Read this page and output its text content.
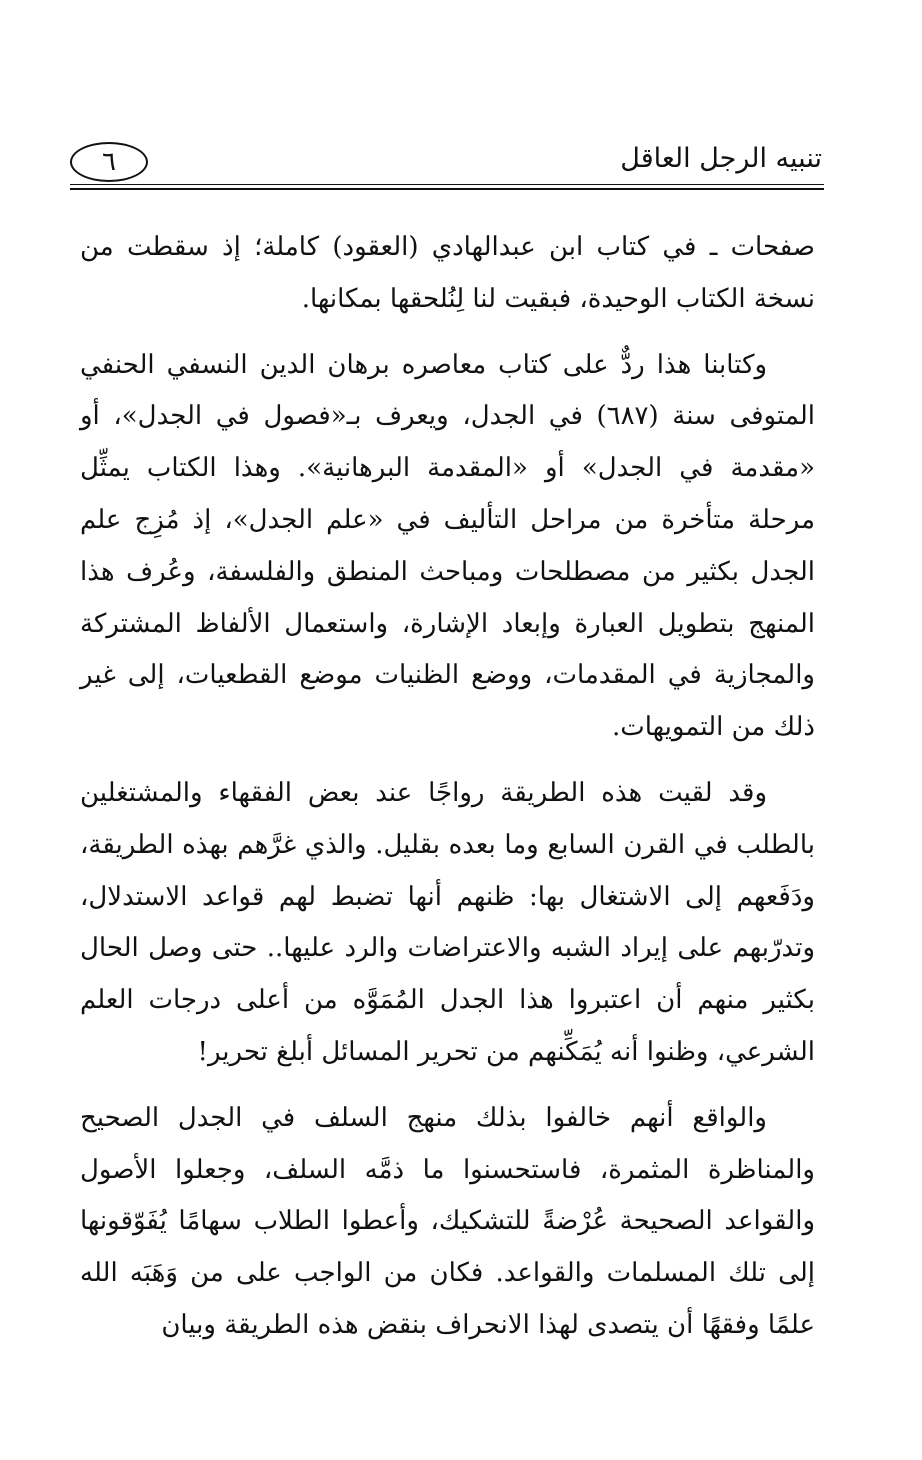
٦	تنبيه الرجل العاقل

صفحات ـ في كتاب ابن عبدالهادي (العقود) كاملة؛ إذ سقطت من نسخة الكتاب الوحيدة، فبقيت لنا لِنُلحقها بمكانها.

وكتابنا هذا ردٌّ على كتاب معاصره برهان الدين النسفي الحنفي المتوفى سنة (٦٨٧) في الجدل، ويعرف بـ«فصول في الجدل»، أو «مقدمة في الجدل» أو «المقدمة البرهانية». وهذا الكتاب يمثِّل مرحلة متأخرة من مراحل التأليف في «علم الجدل»، إذ مُزِج علم الجدل بكثير من مصطلحات ومباحث المنطق والفلسفة، وعُرف هذا المنهج بتطويل العبارة وإبعاد الإشارة، واستعمال الألفاظ المشتركة والمجازية في المقدمات، ووضع الظنيات موضع القطعيات، إلى غير ذلك من التمويهات.

وقد لقيت هذه الطريقة رواجًا عند بعض الفقهاء والمشتغلين بالطلب في القرن السابع وما بعده بقليل. والذي غرَّهم بهذه الطريقة، ودَفَعهم إلى الاشتغال بها: ظنهم أنها تضبط لهم قواعد الاستدلال، وتدرّبهم على إيراد الشبه والاعتراضات والرد عليها.. حتى وصل الحال بكثير منهم أن اعتبروا هذا الجدل المُمَوَّه من أعلى درجات العلم الشرعي، وظنوا أنه يُمَكِّنهم من تحرير المسائل أبلغ تحرير!

والواقع أنهم خالفوا بذلك منهج السلف في الجدل الصحيح والمناظرة المثمرة، فاستحسنوا ما ذمَّه السلف، وجعلوا الأصول والقواعد الصحيحة عُرْضةً للتشكيك، وأعطوا الطلاب سهامًا يُفَوّقونها إلى تلك المسلمات والقواعد. فكان من الواجب على من وَهَبَه الله علمًا وفقهًا أن يتصدى لهذا الانحراف بنقض هذه الطريقة وبيان
